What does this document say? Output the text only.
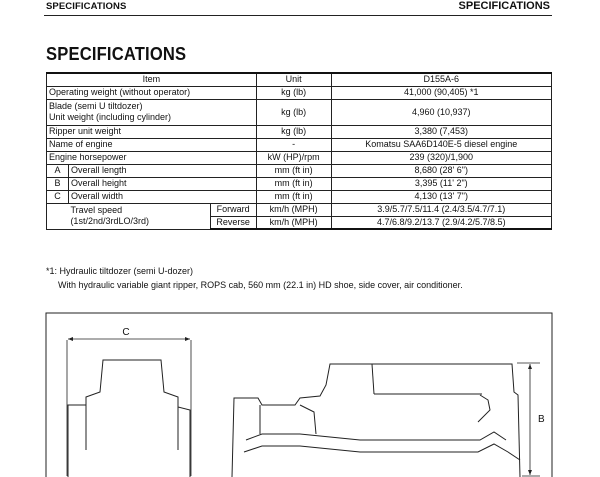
SPECIFICATIONS	SPECIFICATIONS
SPECIFICATIONS
Item			Unit	D155A-6
Operating weight (without operator)			kg (lb)	41,000 (90,405) *1
Blade (semi U tiltdozer)
Unit weight (including cylinder)			kg (lb)	4,960 (10,937)
Ripper unit weight			kg (lb)	3,380 (7,453)
Name of engine			-	Komatsu SAA6D140E-5 diesel engine
Engine horsepower			kW (HP)/rpm	239 (320)/1,900
A	Overall length		mm (ft in)	8,680 (28' 6")
B	Overall height		mm (ft in)	3,395 (11' 2")
C	Overall width		mm (ft in)	4,130 (13' 7")
	Travel speed
(1st/2nd/3rdLO/3rd)	Forward	km/h (MPH)	3.9/5.7/7.5/11.4 (2.4/3.5/4.7/7.1)
		Reverse	km/h (MPH)	4.7/6.8/9.2/13.7 (2.9/4.2/5.7/8.5)
*1: Hydraulic tiltdozer (semi U-dozer)
With hydraulic variable giant ripper, ROPS cab, 560 mm (22.1 in) HD shoe, side cover, air conditioner.
C
B
